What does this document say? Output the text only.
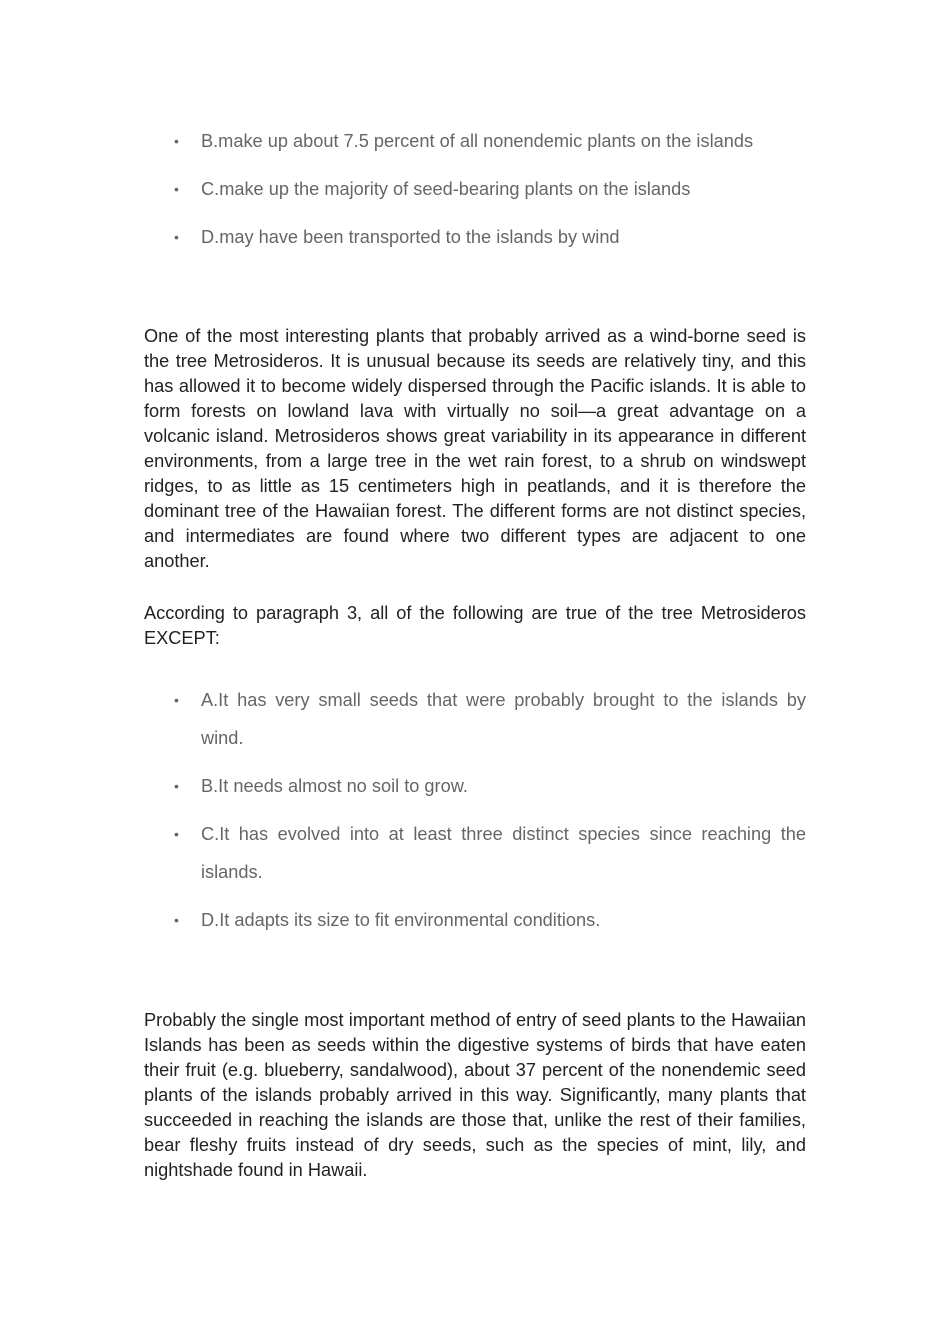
• B.make up about 7.5 percent of all nonendemic plants on the islands
• C.make up the majority of seed-bearing plants on the islands
• D.may have been transported to the islands by wind

One of the most interesting plants that probably arrived as a wind-borne seed is the tree Metrosideros. It is unusual because its seeds are relatively tiny, and this has allowed it to become widely dispersed through the Pacific islands. It is able to form forests on lowland lava with virtually no soil—a great advantage on a volcanic island. Metrosideros shows great variability in its appearance in different environments, from a large tree in the wet rain forest, to a shrub on windswept ridges, to as little as 15 centimeters high in peatlands, and it is therefore the dominant tree of the Hawaiian forest. The different forms are not distinct species, and intermediates are found where two different types are adjacent to one another.

According to paragraph 3, all of the following are true of the tree Metrosideros EXCEPT:

• A.It has very small seeds that were probably brought to the islands by wind.
• B.It needs almost no soil to grow.
• C.It has evolved into at least three distinct species since reaching the islands.
• D.It adapts its size to fit environmental conditions.

Probably the single most important method of entry of seed plants to the Hawaiian Islands has been as seeds within the digestive systems of birds that have eaten their fruit (e.g. blueberry, sandalwood), about 37 percent of the nonendemic seed plants of the islands probably arrived in this way. Significantly, many plants that succeeded in reaching the islands are those that, unlike the rest of their families, bear fleshy fruits instead of dry seeds, such as the species of mint, lily, and nightshade found in Hawaii.
